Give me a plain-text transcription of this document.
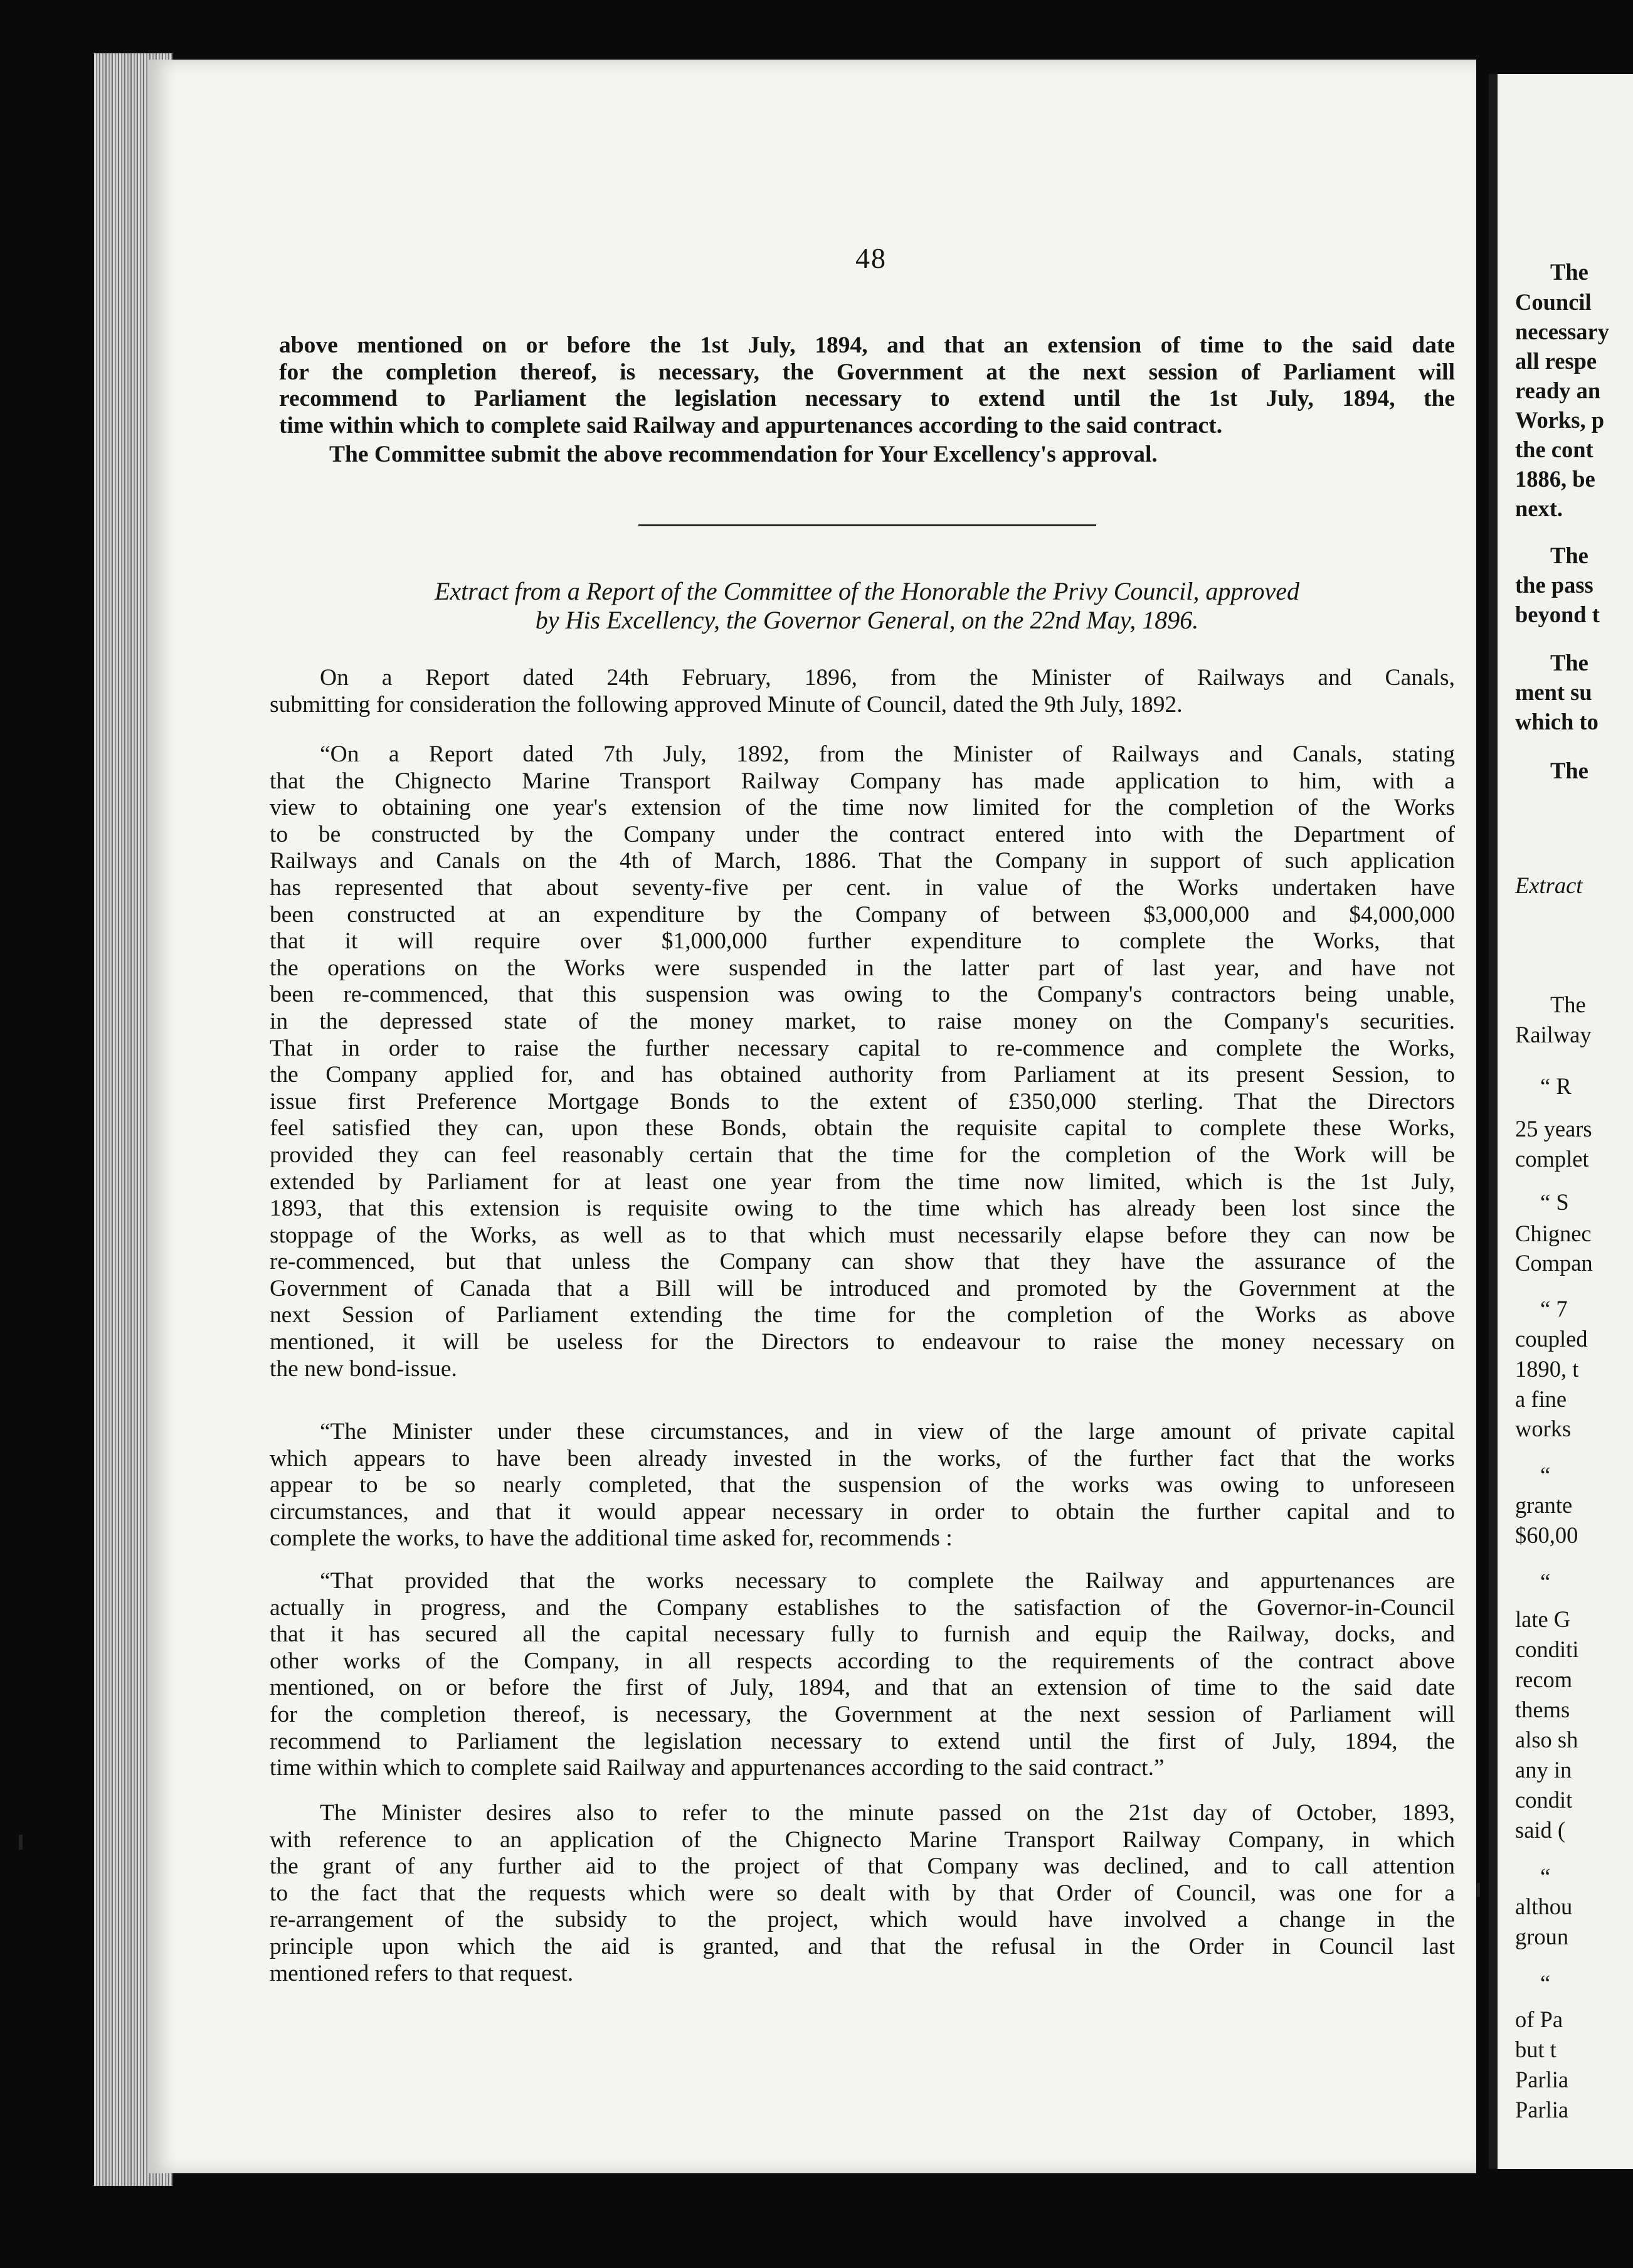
The
Council
necessary
all respe
ready an
Works, p
the cont
1886, be
next.
The
the pass
beyond t
The
ment su
which to
The
Extract
The
Railway
“ R
25 years
complet
“ S
Chignec
Compan
“ 7
coupled
1890, t
a fine
works
“
grante
$60,00
“
late G
conditi
recom
thems
also sh
any in
condit
said (
“
althou
groun
“
of Pa
but t
Parlia
Parlia
48
above mentioned on or before the 1st July, 1894, and that an extension of time to the said date
for the completion thereof, is necessary, the Government at the next session of Parliament will
recommend to Parliament the legislation necessary to extend until the 1st July, 1894, the
time within which to complete said Railway and appurtenances according to the said contract.
The Committee submit the above recommendation for Your Excellency's approval.
Extract from a Report of the Committee of the Honorable the Privy Council, approved
by His Excellency, the Governor General, on the 22nd May, 1896.
On a Report dated 24th February, 1896, from the Minister of Railways and Canals,
submitting for consideration the following approved Minute of Council, dated the 9th July, 1892.
“On a Report dated 7th July, 1892, from the Minister of Railways and Canals, stating
that the Chignecto Marine Transport Railway Company has made application to him, with a
view to obtaining one year's extension of the time now limited for the completion of the Works
to be constructed by the Company under the contract entered into with the Department of
Railways and Canals on the 4th of March, 1886. That the Company in support of such application
has represented that about seventy-five per cent. in value of the Works undertaken have
been constructed at an expenditure by the Company of between $3,000,000 and $4,000,000
that it will require over $1,000,000 further expenditure to complete the Works, that
the operations on the Works were suspended in the latter part of last year, and have not
been re-commenced, that this suspension was owing to the Company's contractors being unable,
in the depressed state of the money market, to raise money on the Company's securities.
That in order to raise the further necessary capital to re-commence and complete the Works,
the Company applied for, and has obtained authority from Parliament at its present Session, to
issue first Preference Mortgage Bonds to the extent of £350,000 sterling. That the Directors
feel satisfied they can, upon these Bonds, obtain the requisite capital to complete these Works,
provided they can feel reasonably certain that the time for the completion of the Work will be
extended by Parliament for at least one year from the time now limited, which is the 1st July,
1893, that this extension is requisite owing to the time which has already been lost since the
stoppage of the Works, as well as to that which must necessarily elapse before they can now be
re-commenced, but that unless the Company can show that they have the assurance of the
Government of Canada that a Bill will be introduced and promoted by the Government at the
next Session of Parliament extending the time for the completion of the Works as above
mentioned, it will be useless for the Directors to endeavour to raise the money necessary on
the new bond-issue.
“The Minister under these circumstances, and in view of the large amount of private capital
which appears to have been already invested in the works, of the further fact that the works
appear to be so nearly completed, that the suspension of the works was owing to unforeseen
circumstances, and that it would appear necessary in order to obtain the further capital and to
complete the works, to have the additional time asked for, recommends :
“That provided that the works necessary to complete the Railway and appurtenances are
actually in progress, and the Company establishes to the satisfaction of the Governor-in-Council
that it has secured all the capital necessary fully to furnish and equip the Railway, docks, and
other works of the Company, in all respects according to the requirements of the contract above
mentioned, on or before the first of July, 1894, and that an extension of time to the said date
for the completion thereof, is necessary, the Government at the next session of Parliament will
recommend to Parliament the legislation necessary to extend until the first of July, 1894, the
time within which to complete said Railway and appurtenances according to the said contract.”
The Minister desires also to refer to the minute passed on the 21st day of October, 1893,
with reference to an application of the Chignecto Marine Transport Railway Company, in which
the grant of any further aid to the project of that Company was declined, and to call attention
to the fact that the requests which were so dealt with by that Order of Council, was one for a
re-arrangement of the subsidy to the project, which would have involved a change in the
principle upon which the aid is granted, and that the refusal in the Order in Council last
mentioned refers to that request.
